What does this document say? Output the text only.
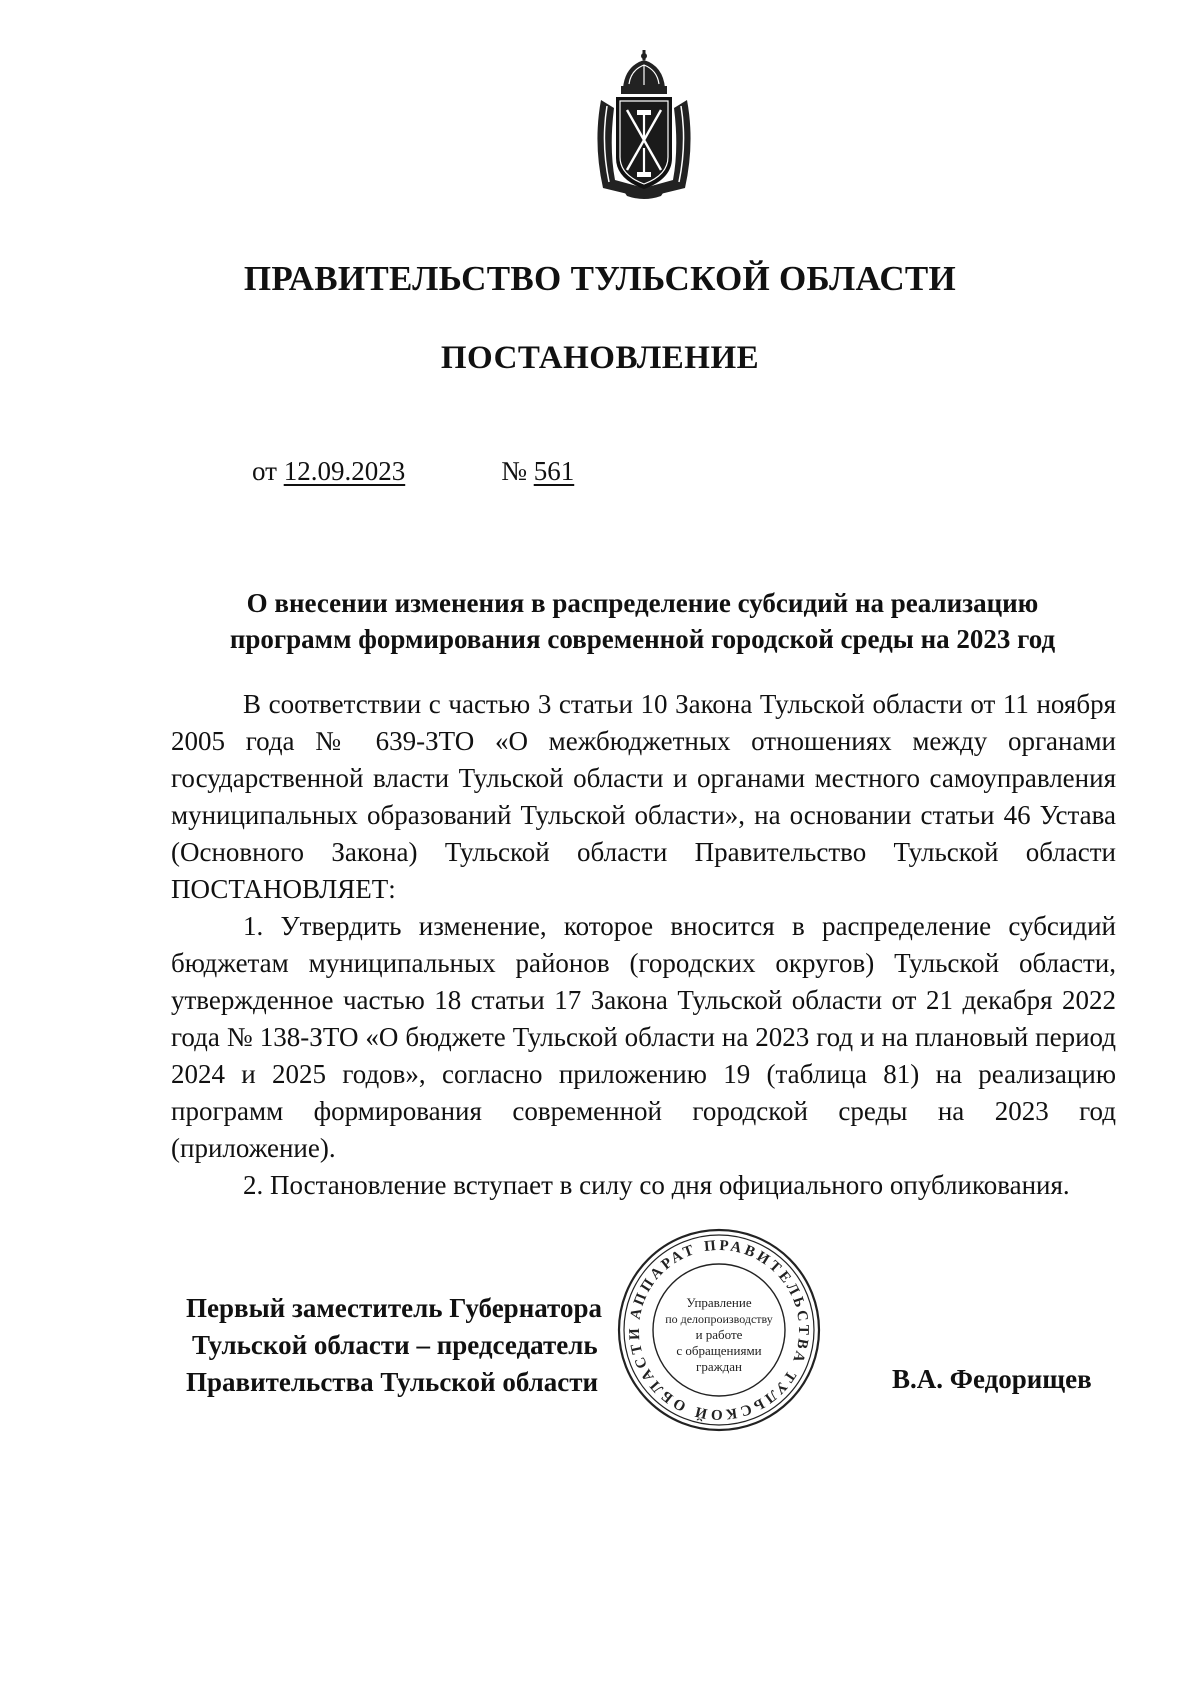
ПРАВИТЕЛЬСТВО ТУЛЬСКОЙ ОБЛАСТИ
ПОСТАНОВЛЕНИЕ
от 12.09.2023	№ 561
О внесении изменения в распределение субсидий на реализацию
программ формирования современной городской среды на 2023 год

В соответствии с частью 3 статьи 10 Закона Тульской области от 11 ноября 2005 года № 639-ЗТО «О межбюджетных отношениях между органами государственной власти Тульской области и органами местного самоуправления муниципальных образований Тульской области», на основании статьи 46 Устава (Основного Закона) Тульской области Правительство Тульской области ПОСТАНОВЛЯЕТ:

1. Утвердить изменение, которое вносится в распределение субсидий бюджетам муниципальных районов (городских округов) Тульской области, утвержденное частью 18 статьи 17 Закона Тульской области от 21 декабря 2022 года № 138-ЗТО «О бюджете Тульской области на 2023 год и на плановый период 2024 и 2025 годов», согласно приложению 19 (таблица 81) на реализацию программ формирования современной городской среды на 2023 год (приложение).

2. Постановление вступает в силу со дня официального опубликования.

Первый заместитель Губернатора
Тульской области – председатель
Правительства Тульской области	В.А. Федорищев
АППАРАТ ПРАВИТЕЛЬСТВА ТУЛЬСКОЙ ОБЛАСТИ
Управление
по делопроизводству
и работе
с обращениями
граждан
